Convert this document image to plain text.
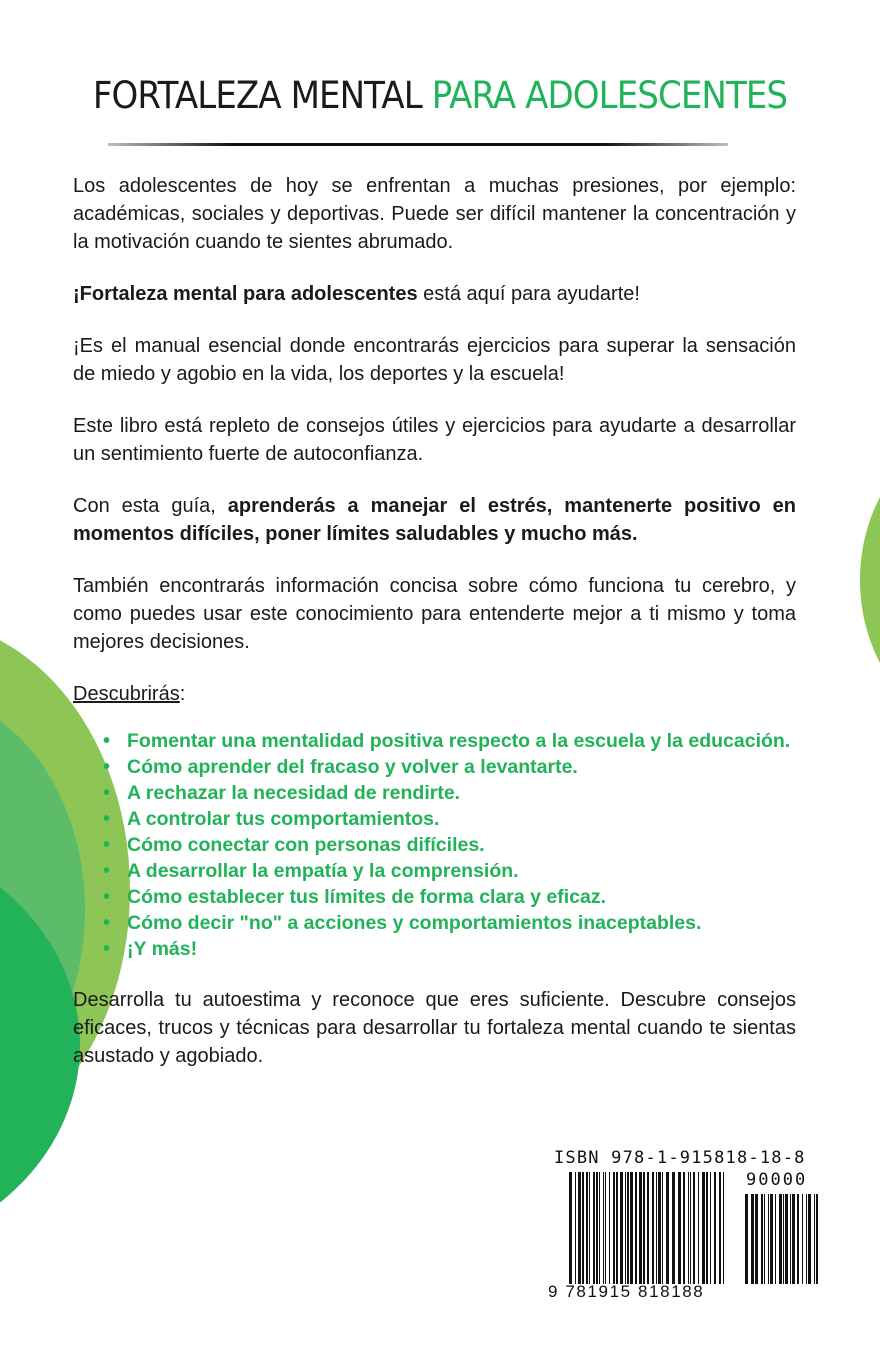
FORTALEZA MENTAL PARA ADOLESCENTES

Los adolescentes de hoy se enfrentan a muchas presiones, por ejemplo: académicas, sociales y deportivas. Puede ser difícil mantener la concentración y la motivación cuando te sientes abrumado.

¡Fortaleza mental para adolescentes está aquí para ayudarte!

¡Es el manual esencial donde encontrarás ejercicios para superar la sensación de miedo y agobio en la vida, los deportes y la escuela!

Este libro está repleto de consejos útiles y ejercicios para ayudarte a desarrollar un sentimiento fuerte de autoconfianza.

Con esta guía, aprenderás a manejar el estrés, mantenerte positivo en momentos difíciles, poner límites saludables y mucho más.

También encontrarás información concisa sobre cómo funciona tu cerebro, y como puedes usar este conocimiento para entenderte mejor a ti mismo y toma mejores decisiones.

Descubrirás:

• Fomentar una mentalidad positiva respecto a la escuela y la educación.
• Cómo aprender del fracaso y volver a levantarte.
• A rechazar la necesidad de rendirte.
• A controlar tus comportamientos.
• Cómo conectar con personas difíciles.
• A desarrollar la empatía y la comprensión.
• Cómo establecer tus límites de forma clara y eficaz.
• Cómo decir "no" a acciones y comportamientos inaceptables.
• ¡Y más!

Desarrolla tu autoestima y reconoce que eres suficiente. Descubre consejos eficaces, trucos y técnicas para desarrollar tu fortaleza mental cuando te sientas asustado y agobiado.

ISBN 978-1-915818-18-8
90000
9 781915 818188
